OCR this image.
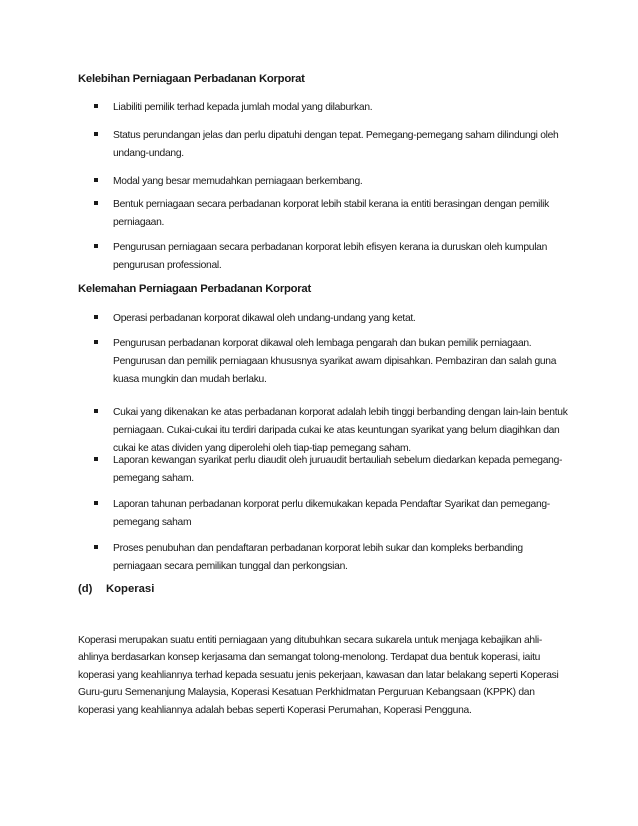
Kelebihan Perniagaan Perbadanan Korporat
Liabiliti pemilik terhad kepada jumlah modal yang dilaburkan.
Status perundangan jelas dan perlu dipatuhi dengan tepat. Pemegang-pemegang saham dilindungi oleh undang-undang.
Modal yang besar memudahkan perniagaan berkembang.
Bentuk perniagaan secara perbadanan korporat lebih stabil kerana ia entiti berasingan dengan pemilik perniagaan.
Pengurusan perniagaan secara perbadanan korporat lebih efisyen kerana ia duruskan oleh kumpulan pengurusan professional.
Kelemahan Perniagaan Perbadanan Korporat
Operasi perbadanan korporat dikawal oleh undang-undang yang ketat.
Pengurusan perbadanan korporat dikawal oleh lembaga pengarah dan bukan pemilik perniagaan. Pengurusan dan pemilik perniagaan khususnya syarikat awam dipisahkan. Pembaziran dan salah guna kuasa mungkin dan mudah berlaku.
Cukai yang dikenakan ke atas perbadanan korporat adalah lebih tinggi berbanding dengan lain-lain bentuk perniagaan. Cukai-cukai itu terdiri daripada cukai ke atas keuntungan syarikat yang belum diagihkan dan cukai ke atas dividen yang diperolehi oleh tiap-tiap pemegang saham.
Laporan kewangan syarikat perlu diaudit oleh juruaudit bertauliah sebelum diedarkan kepada pemegang-pemegang saham.
Laporan tahunan perbadanan korporat perlu dikemukakan kepada Pendaftar Syarikat dan pemegang-pemegang saham
Proses penubuhan dan pendaftaran perbadanan korporat lebih sukar dan kompleks berbanding perniagaan secara pemilikan tunggal dan perkongsian.
(d) Koperasi
Koperasi merupakan suatu entiti perniagaan yang ditubuhkan secara sukarela untuk menjaga kebajikan ahli-ahlinya berdasarkan konsep kerjasama dan semangat tolong-menolong. Terdapat dua bentuk koperasi, iaitu koperasi yang keahliannya terhad kepada sesuatu jenis pekerjaan, kawasan dan latar belakang seperti Koperasi Guru-guru Semenanjung Malaysia, Koperasi Kesatuan Perkhidmatan Perguruan Kebangsaan (KPPK) dan koperasi yang keahliannya adalah bebas seperti Koperasi Perumahan, Koperasi Pengguna.
